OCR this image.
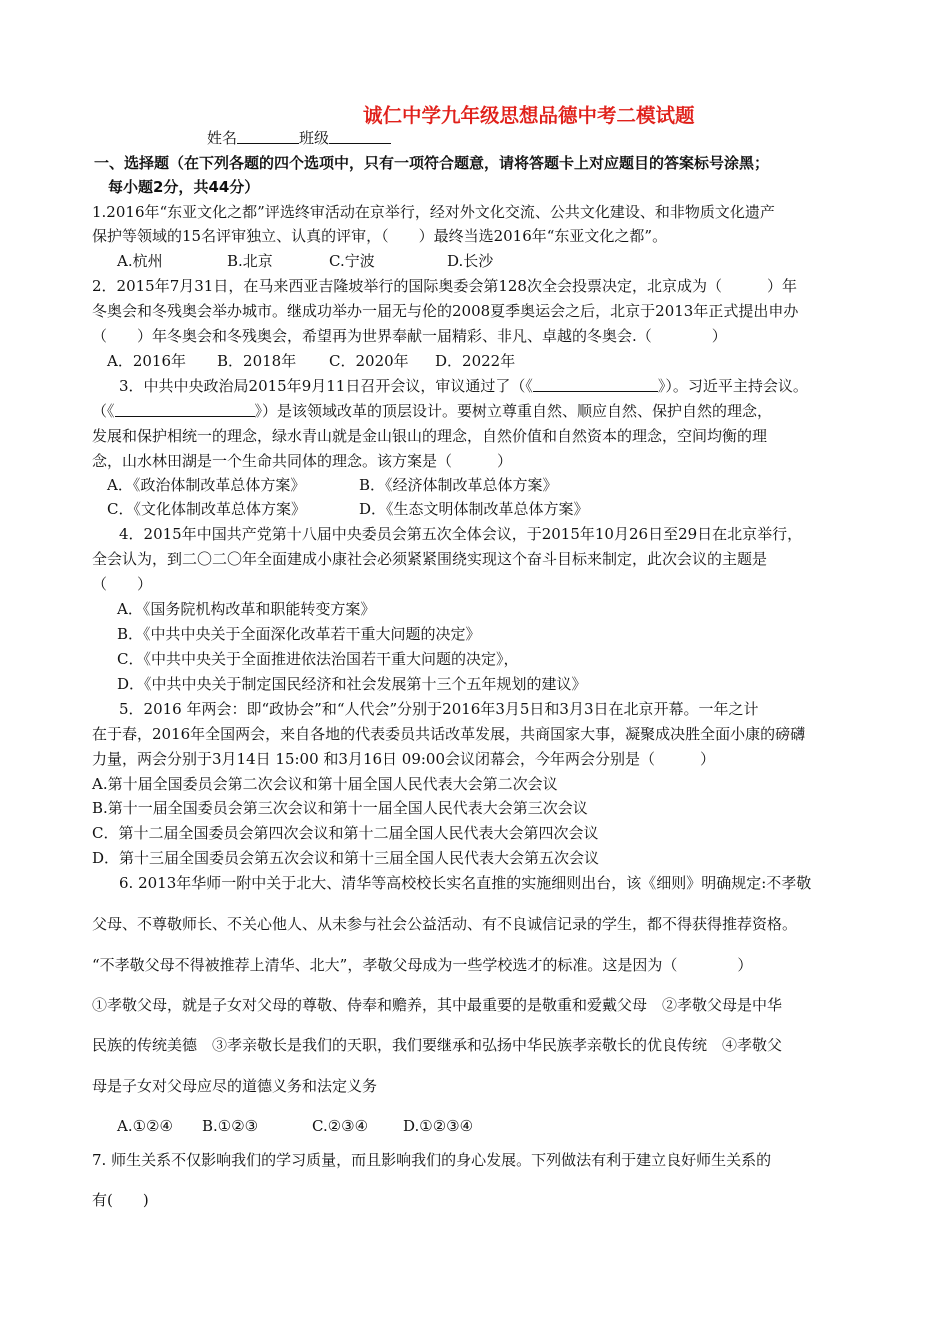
诚仁中学九年级思想品德中考二模试题
姓名	班级
一、选择题（在下列各题的四个选项中，只有一项符合题意，请将答题卡上对应题目的答案标号涂黑；
每小题2分，共44分）
1.2016年“东亚文化之都”评选终审活动在京举行，经对外文化交流、公共文化建设、和非物质文化遗产
保护等领域的15名评审独立、认真的评审，（　　）最终当选2016年“东亚文化之都”。
A.杭州	B.北京	C.宁波	D.长沙
2．2015年7月31日，在马来西亚吉隆坡举行的国际奥委会第128次全会投票决定，北京成为（　　　）年
冬奥会和冬残奥会举办城市。继成功举办一届无与伦的2008夏季奥运会之后，北京于2013年正式提出申办
（　　）年冬奥会和冬残奥会，希望再为世界奉献一届精彩、非凡、卓越的冬奥会.（　　　　）
A．2016年 B．2018年 C．2020年 D．2022年
3．中共中央政治局2015年9月11日召开会议，审议通过了（《	》）。习近平主持会议。
（《	》）是该领域改革的顶层设计。要树立尊重自然、顺应自然、保护自然的理念，
发展和保护相统一的理念，绿水青山就是金山银山的理念，自然价值和自然资本的理念，空间均衡的理
念，山水林田湖是一个生命共同体的理念。该方案是（　　　）
A．《政治体制改革总体方案》	B．《经济体制改革总体方案》
C．《文化体制改革总体方案》	D．《生态文明体制改革总体方案》
4．2015年中国共产党第十八届中央委员会第五次全体会议，于2015年10月26日至29日在北京举行，
全会认为，到二〇二〇年全面建成小康社会必须紧紧围绕实现这个奋斗目标来制定，此次会议的主题是
（　　）
A．《国务院机构改革和职能转变方案》
B．《中共中央关于全面深化改革若干重大问题的决定》
C．《中共中央关于全面推进依法治国若干重大问题的决定》，
D．《中共中央关于制定国民经济和社会发展第十三个五年规划的建议》
5．2016 年两会：即“政协会”和“人代会”分别于2016年3月5日和3月3日在北京开幕。一年之计
在于春，2016年全国两会，来自各地的代表委员共话改革发展，共商国家大事，凝聚成决胜全面小康的磅礴
力量，两会分别于3月14日 15:00 和3月16日 09:00会议闭幕会，今年两会分别是（　　　）
A.第十届全国委员会第二次会议和第十届全国人民代表大会第二次会议
B.第十一届全国委员会第三次会议和第十一届全国人民代表大会第三次会议
C．第十二届全国委员会第四次会议和第十二届全国人民代表大会第四次会议
D．第十三届全国委员会第五次会议和第十三届全国人民代表大会第五次会议
6. 2013年华师一附中关于北大、清华等高校校长实名直推的实施细则出台，该《细则》明确规定:不孝敬
父母、不尊敬师长、不关心他人、从未参与社会公益活动、有不良诚信记录的学生，都不得获得推荐资格。
“不孝敬父母不得被推荐上清华、北大”，孝敬父母成为一些学校选才的标准。这是因为（　　　　）
①孝敬父母，就是子女对父母的尊敬、侍奉和赡养，其中最重要的是敬重和爱戴父母　②孝敬父母是中华
民族的传统美德　③孝亲敬长是我们的天职，我们要继承和弘扬中华民族孝亲敬长的优良传统　④孝敬父
母是子女对父母应尽的道德义务和法定义务
A.①②④ B.①②③	C.②③④ D.①②③④
7. 师生关系不仅影响我们的学习质量，而且影响我们的身心发展。下列做法有利于建立良好师生关系的
有(　　)
